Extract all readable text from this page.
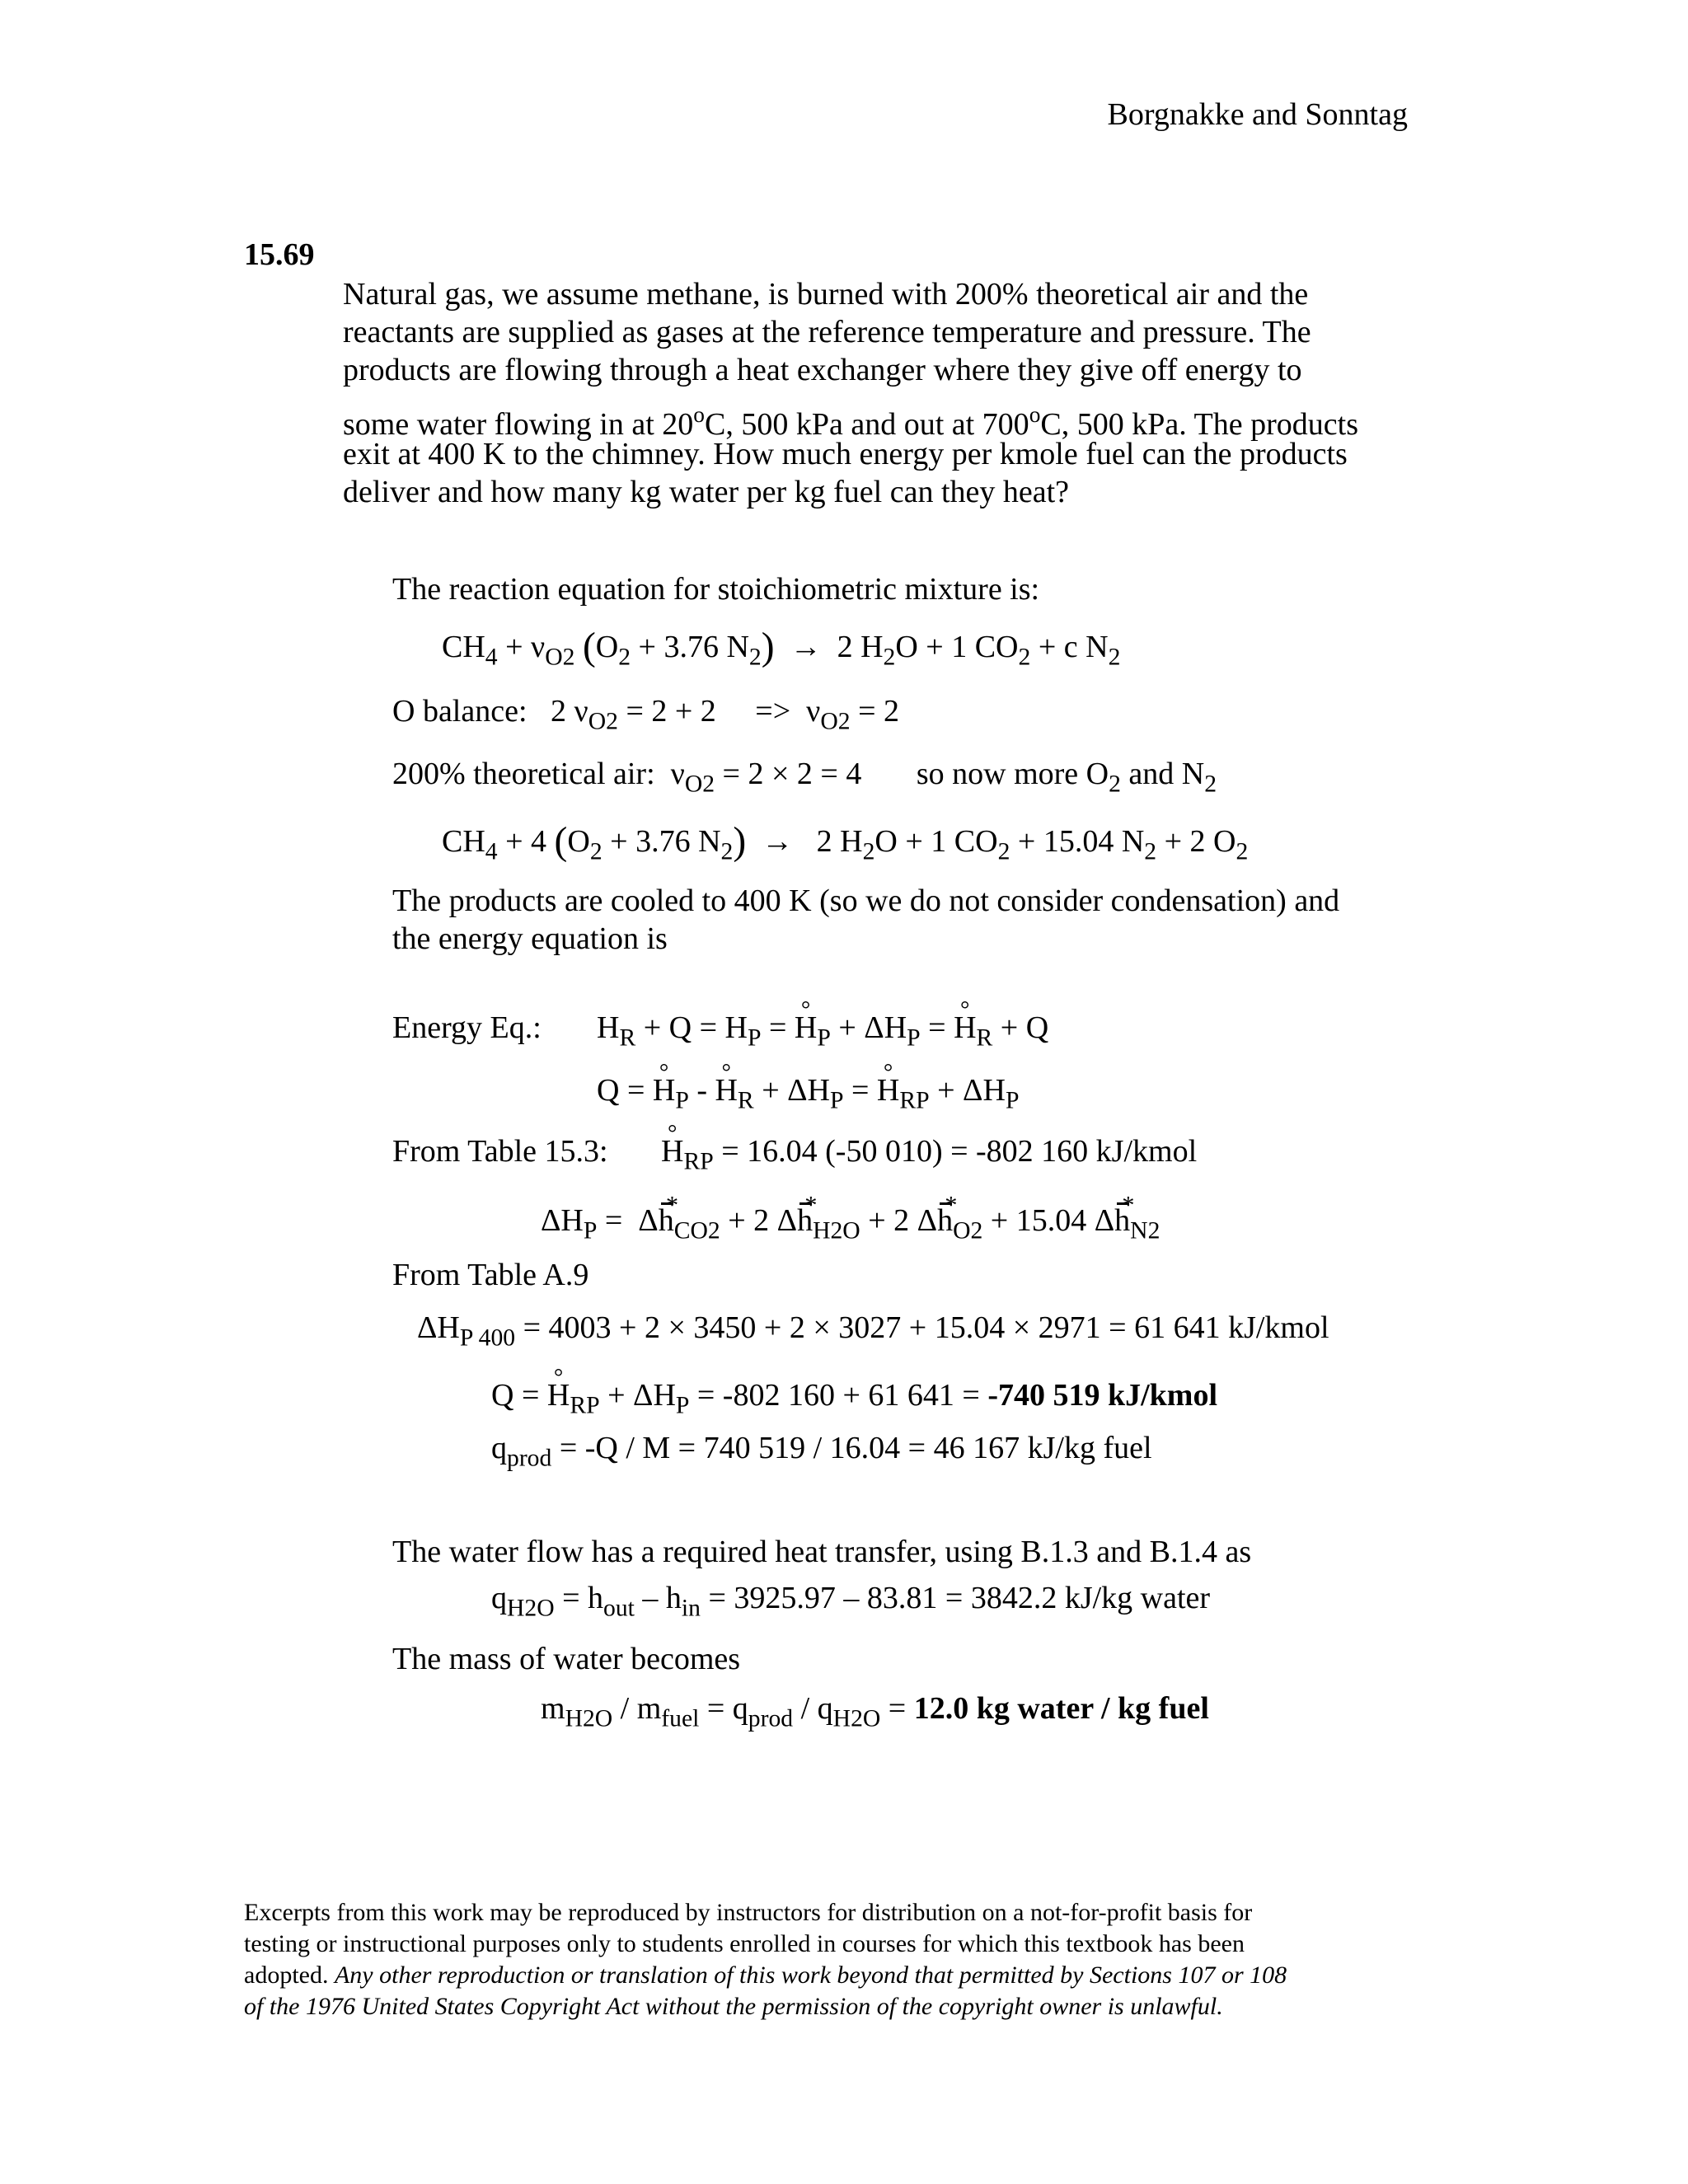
Borgnakke and Sonntag
15.69
Natural gas, we assume methane, is burned with 200% theoretical air and the
reactants are supplied as gases at the reference temperature and pressure. The
products are flowing through a heat exchanger where they give off energy to
some water flowing in at 20$^o$C, 500 kPa and out at 700$^o$C, 500 kPa. The products
exit at 400 K to the chimney. How much energy per kmole fuel can the products
deliver and how many kg water per kg fuel can they heat?
The reaction equation for stoichiometric mixture is:
$CH_4 + \nu_{O2}$ ($O_2 + 3.76$ $N_2) \to 2$ $H_2O + 1$ $CO_2 + c$ $N_2$
O balance:   2 $\nu_{O2} = 2 + 2$     =>  $\nu_{O2} = 2$
200% theoretical air:  $\nu_{O2} = 2 \times 2 = 4$       so now more $O_2$ and $N_2$
$CH_4 + 4$ ($O_2 + 3.76$ $N_2) \to 2$ $H_2O + 1$ $CO_2 + 15.04$ $N_2 + 2$ $O_2$
The products are cooled to 400 K (so we do not consider condensation) and
the energy equation is
Energy Eq.: $H_R + Q = H_P$ = ° $H_P + \Delta H_P$ = ° $H_R + Q$
Q = ° $H_P$ - ° $H_R + \Delta H_P$ = ° $H_{RP} + \Delta H_P$
From Table 15.3:
° $H_{RP} = 16.04$ (-50 010) = -802 160 kJ/kmol
$\Delta H_P = \Delta*$ $h_{CO2} + 2$ Δ* $h_{H2O} + 2$ Δ* $h_{O2} + 15.04$ Δ* $h_{N2}$
From Table A.9
$\Delta H_{P 400} = 4003 + 2 \times 3450 + 2 \times 3027 + 15.04 \times 2971 = 61$ 641 kJ/kmol
Q = ° $H_{RP} + \Delta H_P = -802$ 160 + 61 641 = -740 519 kJ/kmol
$q_{prod} = -Q / M = 740$ 519 / 16.04 = 46 167 kJ/kg fuel
The water flow has a required heat transfer, using B.1.3 and B.1.4 as
$q_{H2O} = h_{out} - h_{in} = 3925.97 - 83.81 = 3842.2$ kJ/kg water
The mass of water becomes
$m_{H2O} / m_{fuel} = q_{prod} / q_{H2O} = 12.0$ kg water / kg fuel
Excerpts from this work may be reproduced by instructors for distribution on a not-for-profit basis for
testing or instructional purposes only to students enrolled in courses for which this textbook has been
adopted. Any other reproduction or translation of this work beyond that permitted by Sections 107 or 108
of the 1976 United States Copyright Act without the permission of the copyright owner is unlawful.
